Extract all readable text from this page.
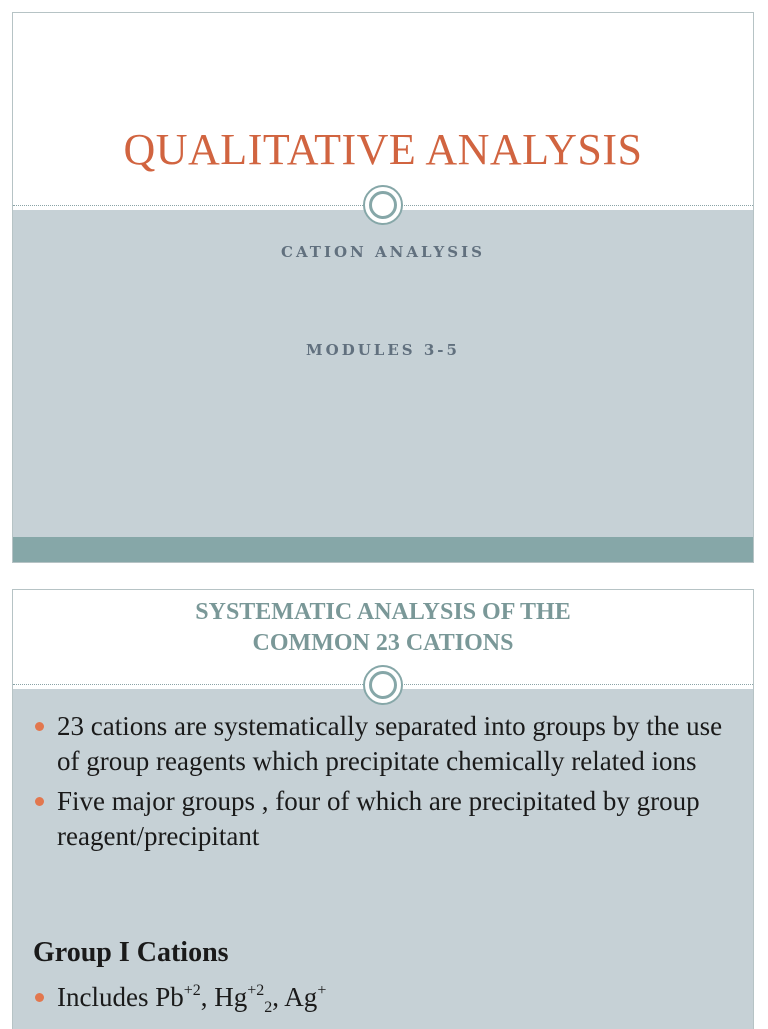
QUALITATIVE ANALYSIS
CATION ANALYSIS
MODULES 3-5
SYSTEMATIC ANALYSIS OF THE
COMMON 23 CATIONS
23 cations are systematically separated into groups by the use of group reagents which precipitate chemically related ions
Five major groups , four of which are precipitated by group reagent/precipitant
Group I Cations
Includes $Pb^{+2}$, $Hg^{+2}_2$, Ag+
